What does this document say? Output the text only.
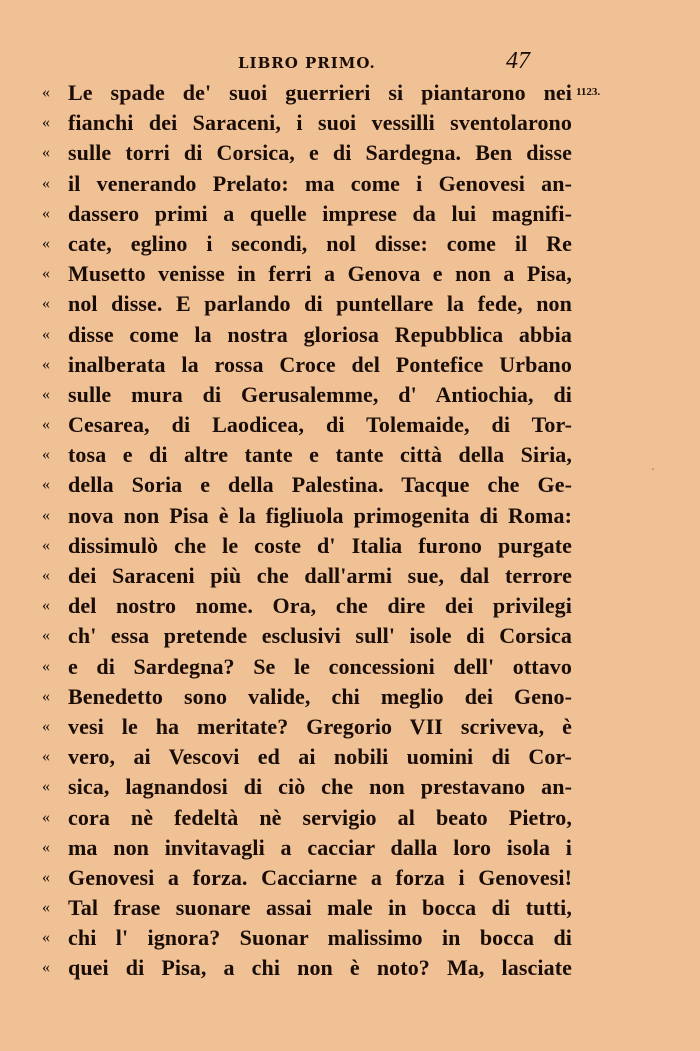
LIBRO PRIMO.	47
1123.
« Le spade de' suoi guerrieri si piantarono nei
« fianchi dei Saraceni, i suoi vessilli sventolarono
« sulle torri di Corsica, e di Sardegna. Ben disse
« il venerando Prelato: ma come i Genovesi an-
« dassero primi a quelle imprese da lui magnifi-
« cate, eglino i secondi, nol disse: come il Re
« Musetto venisse in ferri a Genova e non a Pisa,
« nol disse. E parlando di puntellare la fede, non
« disse come la nostra gloriosa Repubblica abbia
« inalberata la rossa Croce del Pontefice Urbano
« sulle mura di Gerusalemme, d' Antiochia, di
« Cesarea, di Laodicea, di Tolemaide, di Tor-
« tosa e di altre tante e tante città della Siria,
« della Soria e della Palestina. Tacque che Ge-
« nova non Pisa è la figliuola primogenita di Roma:
« dissimulò che le coste d' Italia furono purgate
« dei Saraceni più che dall'armi sue, dal terrore
« del nostro nome. Ora, che dire dei privilegi
« ch' essa pretende esclusivi sull' isole di Corsica
« e di Sardegna? Se le concessioni dell' ottavo
« Benedetto sono valide, chi meglio dei Geno-
« vesi le ha meritate? Gregorio VII scriveva, è
« vero, ai Vescovi ed ai nobili uomini di Cor-
« sica, lagnandosi di ciò che non prestavano an-
« cora nè fedeltà nè servigio al beato Pietro,
« ma non invitavagli a cacciar dalla loro isola i
« Genovesi a forza. Cacciarne a forza i Genovesi!
« Tal frase suonare assai male in bocca di tutti,
« chi l' ignora? Suonar malissimo in bocca di
« quei di Pisa, a chi non è noto? Ma, lasciate
´
